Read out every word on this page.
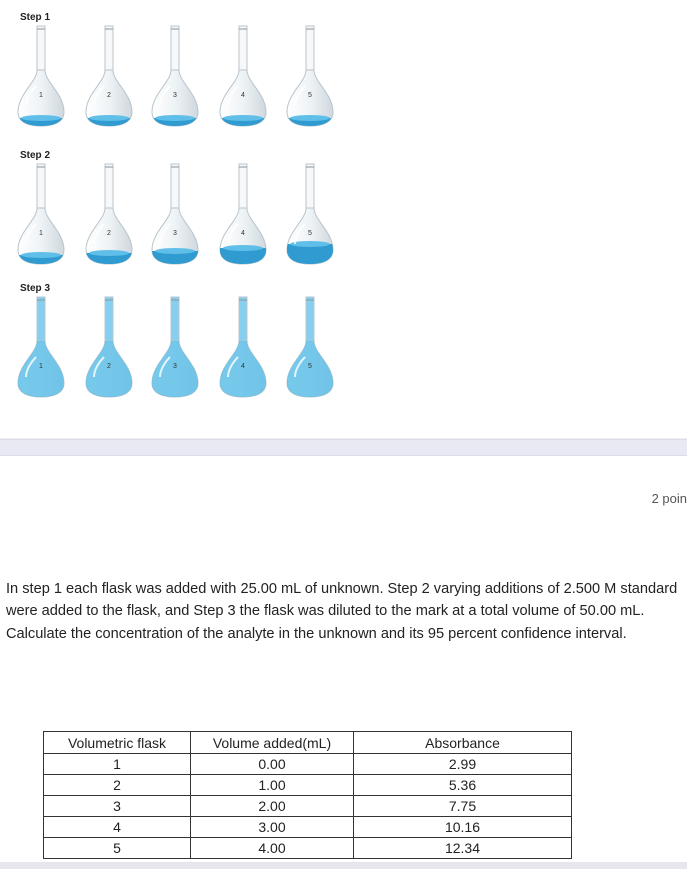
Step 1
1	2	3	4	5
Step 2
1	2	3	4	5
Step 3
1	2	3	4	5
2 poin

In step 1 each flask was added with 25.00 mL of unknown. Step 2 varying additions of 2.500 M standard were added to the flask, and Step 3 the flask was diluted to the mark at a total volume of 50.00 mL. Calculate the concentration of the analyte in the unknown and its 95 percent confidence interval.

Volumetric flask	Volume added(mL)	Absorbance
1	0.00	2.99
2	1.00	5.36
3	2.00	7.75
4	3.00	10.16
5	4.00	12.34
